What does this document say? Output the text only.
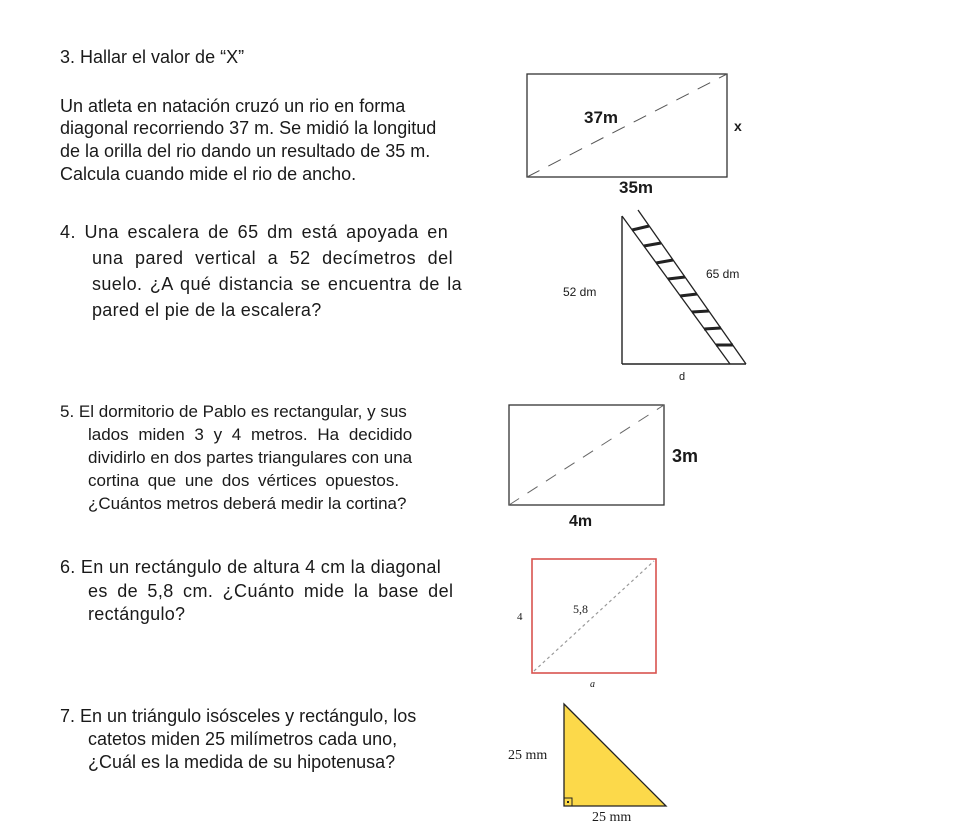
3. Hallar el valor de “X”
Un atleta en natación cruzó un rio en forma
diagonal recorriendo 37 m. Se midió la longitud
de la orilla del rio dando un resultado de 35 m.
Calcula cuando mide el rio de ancho.
37m	x
35m
4. Una escalera de 65 dm está apoyada en
una pared vertical a 52 decímetros del
suelo. ¿A qué distancia se encuentra de la
pared el pie de la escalera?
52 dm
65 dm
d
5. El dormitorio de Pablo es rectangular, y sus
lados miden 3 y 4 metros. Ha decidido
dividirlo en dos partes triangulares con una
cortina que une dos vértices opuestos.
¿Cuántos metros deberá medir la cortina?
3m
4m
6. En un rectángulo de altura 4 cm la diagonal
es de 5,8 cm. ¿Cuánto mide la base del
rectángulo?	4
5,8
a
7. En un triángulo isósceles y rectángulo, los
catetos miden 25 milímetros cada uno,
¿Cuál es la medida de su hipotenusa?	25 mm
25 mm
